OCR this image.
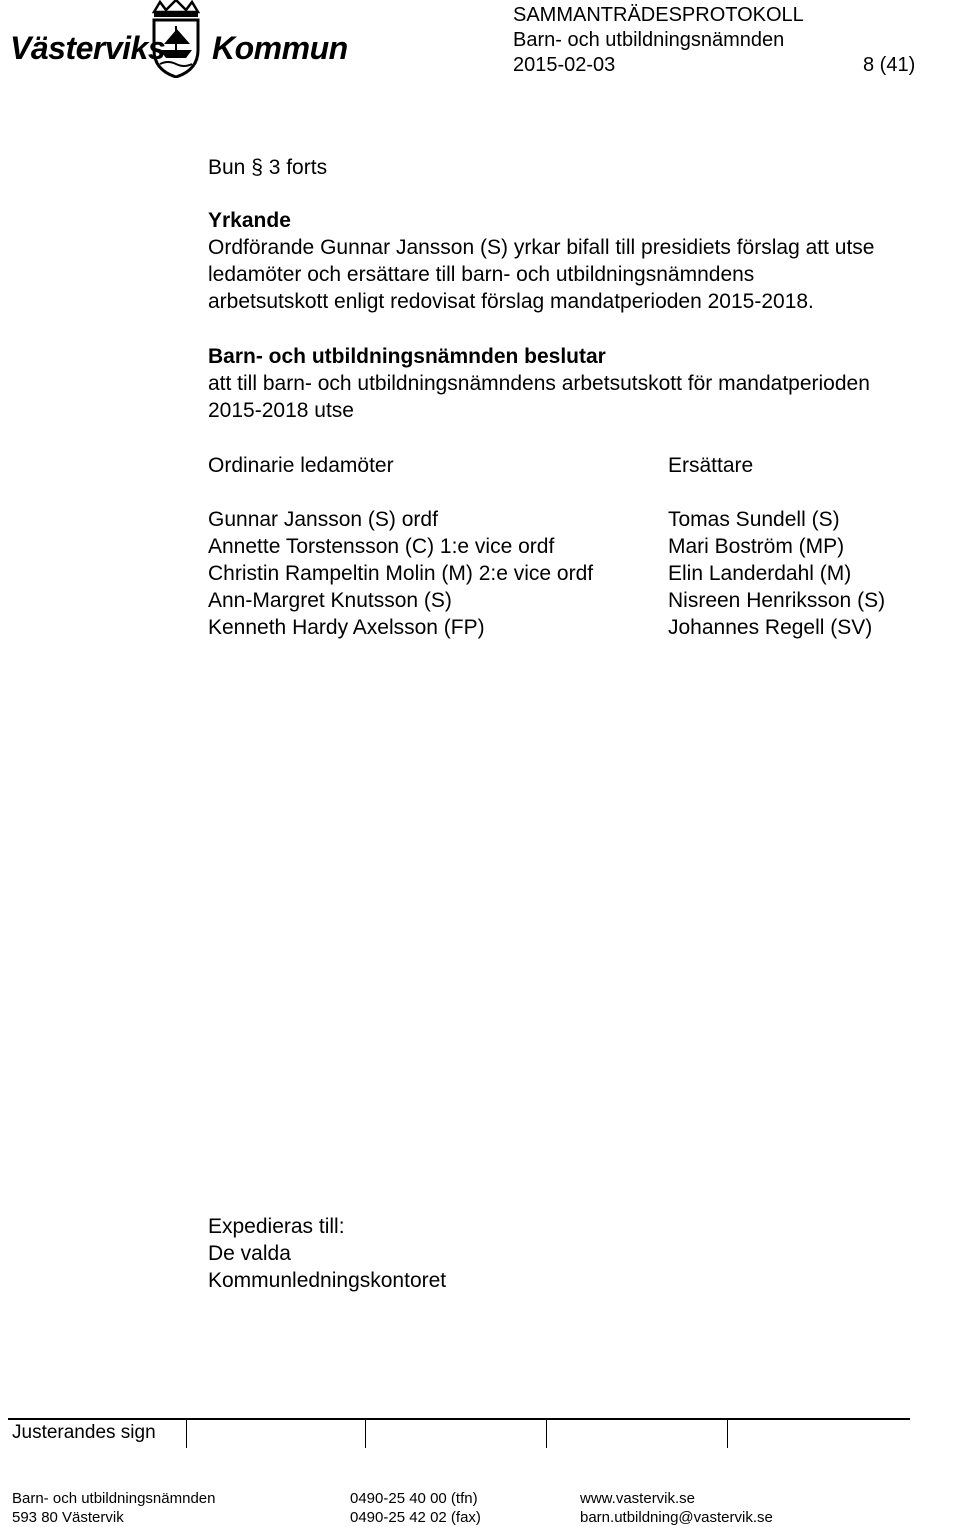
Västerviks Kommun
SAMMANTRÄDESPROTOKOLL
Barn- och utbildningsnämnden
2015-02-03	8 (41)
Bun § 3 forts
Yrkande
Ordförande Gunnar Jansson (S) yrkar bifall till presidiets förslag att utse
ledamöter och ersättare till barn- och utbildningsnämndens
arbetsutskott enligt redovisat förslag mandatperioden 2015-2018.
Barn- och utbildningsnämnden beslutar
att till barn- och utbildningsnämndens arbetsutskott för mandatperioden
2015-2018 utse
Ordinarie ledamöter	Ersättare
Gunnar Jansson (S) ordf
Annette Torstensson (C) 1:e vice ordf
Christin Rampeltin Molin (M) 2:e vice ordf
Ann-Margret Knutsson (S)
Kenneth Hardy Axelsson (FP)
Tomas Sundell (S)
Mari Boström (MP)
Elin Landerdahl (M)
Nisreen Henriksson (S)
Johannes Regell (SV)
Expedieras till:
De valda
Kommunledningskontoret
Justerandes sign
Barn- och utbildningsnämnden
593 80 Västervik
0490-25 40 00 (tfn)
0490-25 42 02 (fax)
www.vastervik.se
barn.utbildning@vastervik.se
